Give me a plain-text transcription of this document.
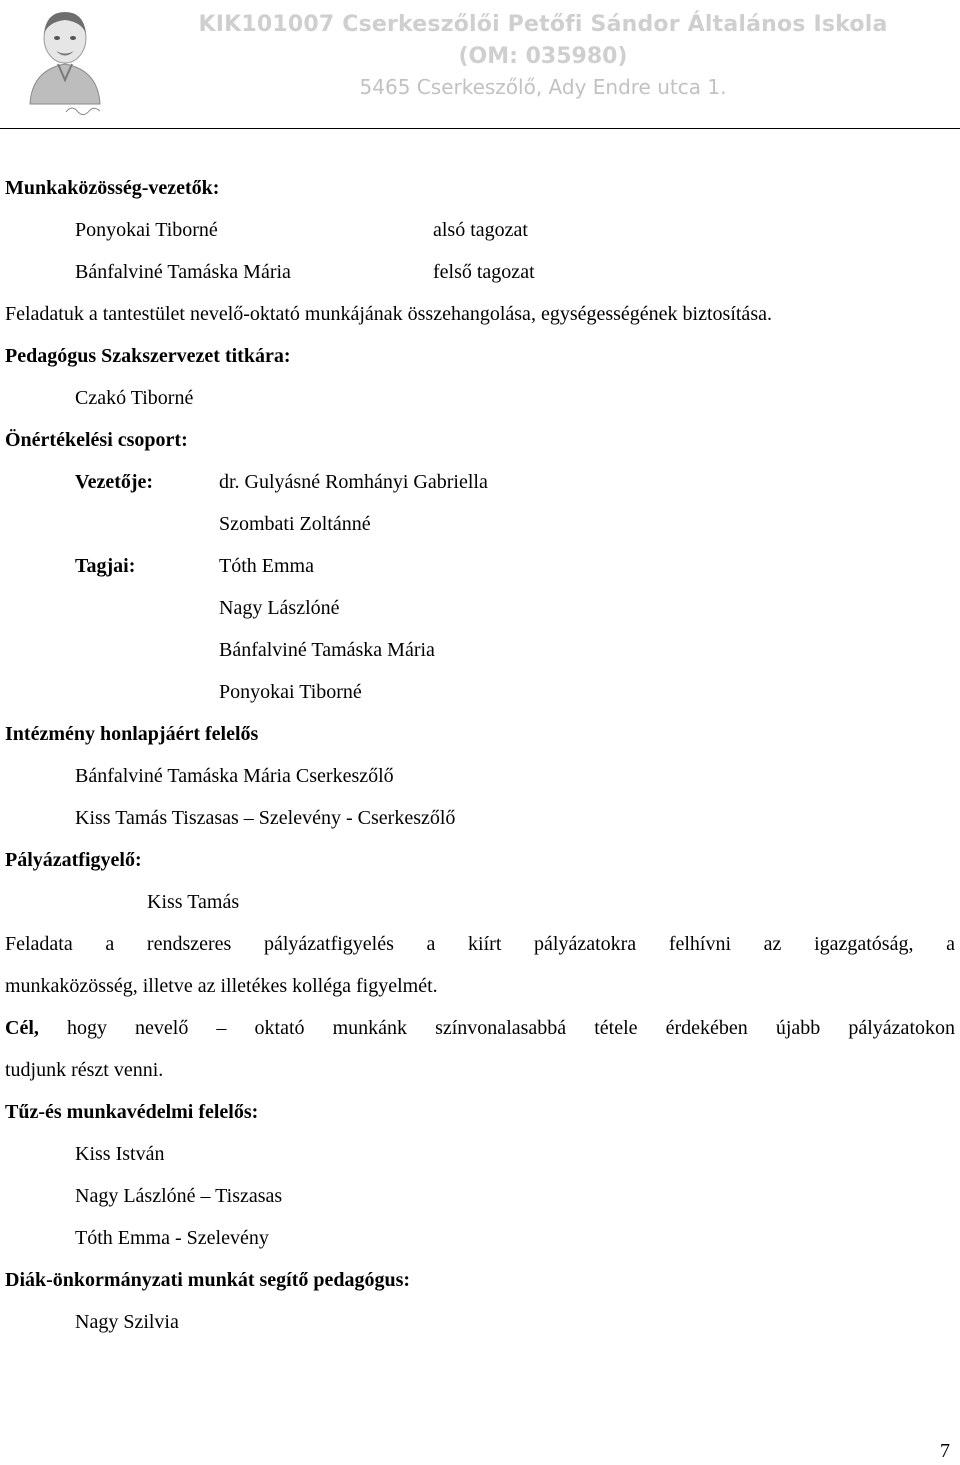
KIK101007 Cserkeszőlői Petőfi Sándor Általános Iskola
(OM: 035980)
5465 Cserkeszőlő, Ady Endre utca 1.
Munkaközösség-vezetők:
Ponyokai Tiborné	alsó tagozat
Bánfalviné Tamáska Mária	felső tagozat
Feladatuk a tantestület nevelő-oktató munkájának összehangolása, egységességének biztosítása.
Pedagógus Szakszervezet titkára:
Czakó Tiborné
Önértékelési csoport:
Vezetője:	dr. Gulyásné Romhányi Gabriella
Szombati Zoltánné
Tagjai:	Tóth Emma
Nagy Lászlóné
Bánfalviné Tamáska Mária
Ponyokai Tiborné
Intézmény honlapjáért felelős
Bánfalviné Tamáska Mária Cserkeszőlő
Kiss Tamás Tiszasas – Szelevény - Cserkeszőlő
Pályázatfigyelő:
Kiss Tamás
Feladata a rendszeres pályázatfigyelés a kiírt pályázatokra felhívni az igazgatóság, a
munkaközösség, illetve az illetékes kolléga figyelmét.
Cél, hogy nevelő – oktató munkánk színvonalasabbá tétele érdekében újabb pályázatokon
tudjunk részt venni.
Tűz-és munkavédelmi felelős:
Kiss István
Nagy Lászlóné – Tiszasas
Tóth Emma - Szelevény
Diák-önkormányzati munkát segítő pedagógus:
Nagy Szilvia
7
